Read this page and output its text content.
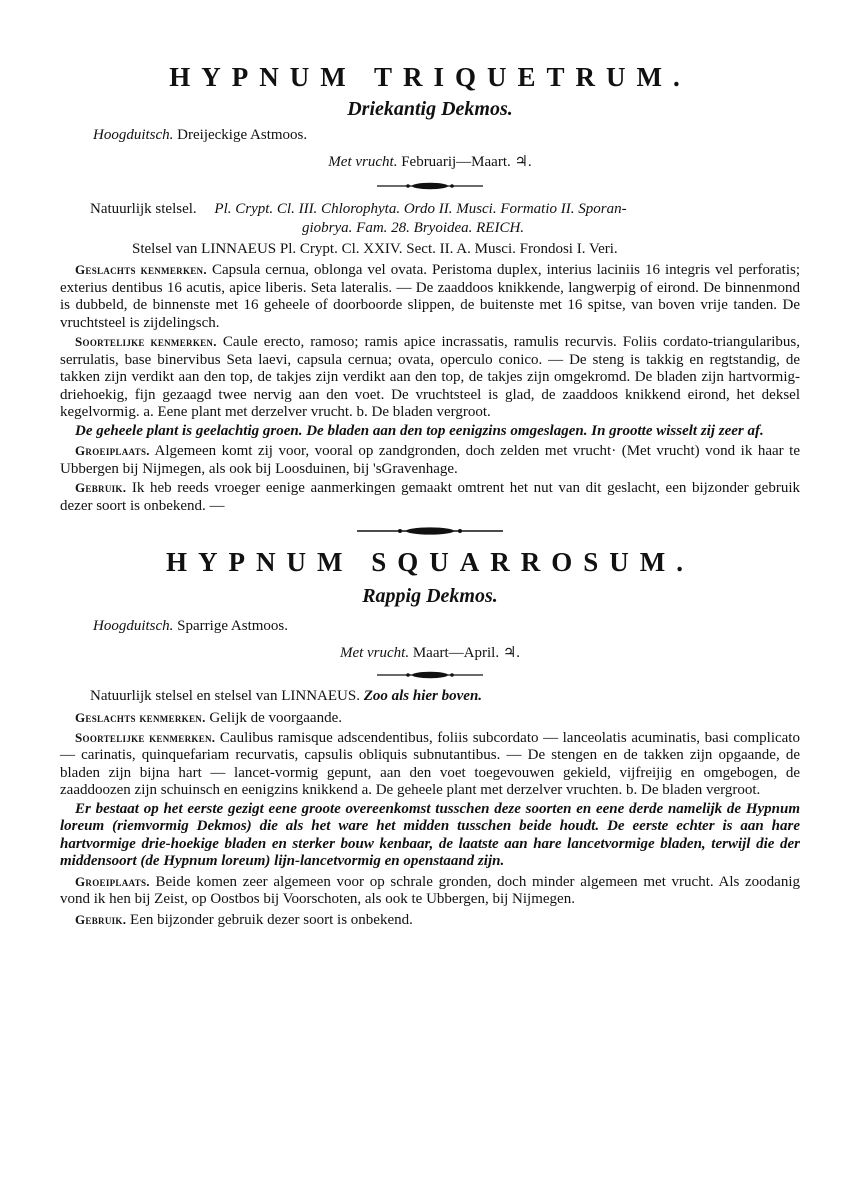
HYPNUM TRIQUETRUM.

Driekantig Dekmos.

Hoogduitsch. Dreijeckige Astmoos.

Met vrucht. Februarij—Maart. ♃.

Natuurlijk stelsel. Pl. Crypt. Cl. III. Chlorophyta. Ordo II. Musci. Formatio II. Sporan-

giobrya. Fam. 28. Bryoidea. REICH.

Stelsel van LINNAEUS Pl. Crypt. Cl. XXIV. Sect. II. A. Musci. Frondosi I. Veri.

Geslachts kenmerken. Capsula cernua, oblonga vel ovata. Peristoma duplex, interius laciniis 16 integris vel perforatis; exterius dentibus 16 acutis, apice liberis. Seta lateralis. — De zaaddoos knikkende, langwerpig of eirond. De binnenmond is dubbeld, de binnenste met 16 geheele of doorboorde slippen, de buitenste met 16 spitse, van boven vrije tanden. De vruchtsteel is zijdelingsch.

Soortelijke kenmerken. Caule erecto, ramoso; ramis apice incrassatis, ramulis recurvis. Foliis cordato-triangularibus, serrulatis, base binervibus Seta laevi, capsula cernua; ovata, operculo conico. — De steng is takkig en regtstandig, de takken zijn verdikt aan den top, de takjes zijn verdikt aan den top, de takjes zijn omgekromd. De bladen zijn hartvormig-driehoekig, fijn gezaagd twee nervig aan den voet. De vruchtsteel is glad, de zaaddoos knikkend eirond, het deksel kegelvormig. a. Eene plant met derzelver vrucht. b. De bladen vergroot.

De geheele plant is geelachtig groen. De bladen aan den top eenigzins omgeslagen. In grootte wisselt zij zeer af.

Groeiplaats. Algemeen komt zij voor, vooral op zandgronden, doch zelden met vrucht· (Met vrucht) vond ik haar te Ubbergen bij Nijmegen, als ook bij Loosduinen, bij 'sGravenhage.

Gebruik. Ik heb reeds vroeger eenige aanmerkingen gemaakt omtrent het nut van dit geslacht, een bijzonder gebruik dezer soort is onbekend. —

HYPNUM SQUARROSUM.

Rappig Dekmos.

Hoogduitsch. Sparrige Astmoos.

Met vrucht. Maart—April. ♃.

Natuurlijk stelsel en stelsel van LINNAEUS. Zoo als hier boven.

Geslachts kenmerken. Gelijk de voorgaande.

Soortelijke kenmerken. Caulibus ramisque adscendentibus, foliis subcordato — lanceolatis acuminatis, basi complicato — carinatis, quinquefariam recurvatis, capsulis obliquis subnutantibus. — De stengen en de takken zijn opgaande, de bladen zijn bijna hart — lancet-vormig gepunt, aan den voet toegevouwen gekield, vijfreijig en omgebogen, de zaaddoozen zijn schuinsch en eenigzins knikkend a. De geheele plant met derzelver vruchten. b. De bladen vergroot.

Er bestaat op het eerste gezigt eene groote overeenkomst tusschen deze soorten en eene derde namelijk de Hypnum loreum (riemvormig Dekmos) die als het ware het midden tusschen beide houdt. De eerste echter is aan hare hartvormige drie-hoekige bladen en sterker bouw kenbaar, de laatste aan hare lancetvormige bladen, terwijl die der middensoort (de Hypnum loreum) lijn-lancetvormig en openstaand zijn.

Groeiplaats. Beide komen zeer algemeen voor op schrale gronden, doch minder algemeen met vrucht. Als zoodanig vond ik hen bij Zeist, op Oostbos bij Voorschoten, als ook te Ubbergen, bij Nijmegen.

Gebruik. Een bijzonder gebruik dezer soort is onbekend.
